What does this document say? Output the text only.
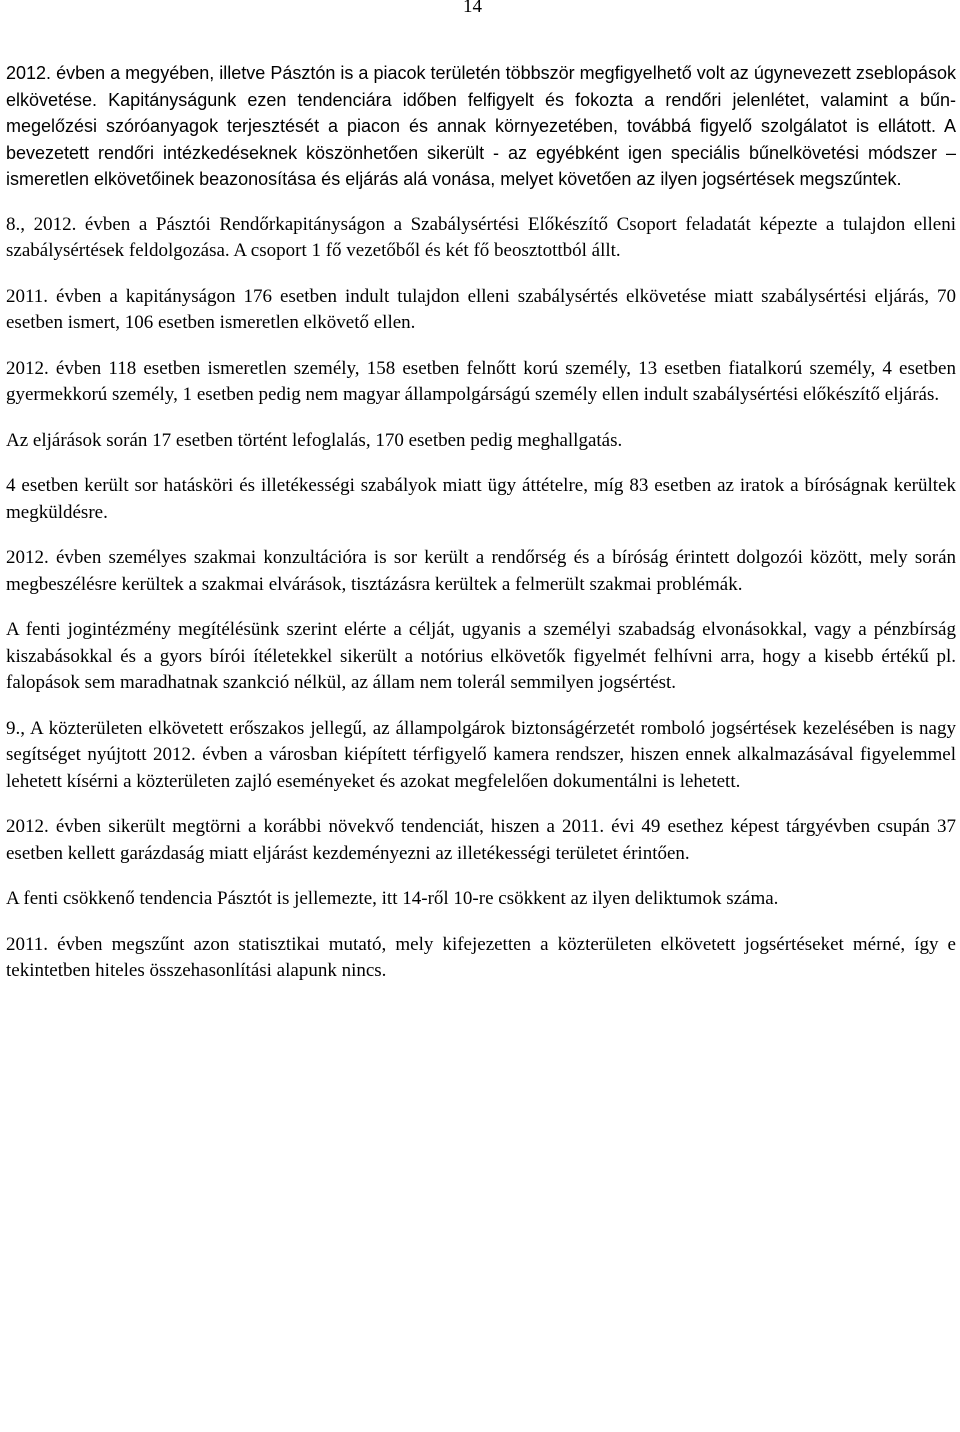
14

2012. évben a megyében, illetve Pásztón is a piacok területén többször megfigyelhető volt az úgynevezett zseblopások elkövetése. Kapitányságunk ezen tendenciára időben felfigyelt és fokozta a rendőri jelenlétet, valamint a bűn-megelőzési szóróanyagok terjesztését a piacon és annak környezetében, továbbá figyelő szolgálatot is ellátott. A bevezetett rendőri intézkedéseknek köszönhetően sikerült - az egyébként igen speciális bűnelkövetési módszer – ismeretlen elkövetőinek beazonosítása és eljárás alá vonása, melyet követően az ilyen jogsértések megszűntek.

8., 2012. évben a Pásztói Rendőrkapitányságon a Szabálysértési Előkészítő Csoport feladatát képezte a tulajdon elleni szabálysértések feldolgozása. A csoport 1 fő vezetőből és két fő beosztottból állt.

2011. évben a kapitányságon 176 esetben indult tulajdon elleni szabálysértés elkövetése miatt szabálysértési eljárás, 70 esetben ismert, 106 esetben ismeretlen elkövető ellen.

2012. évben 118 esetben ismeretlen személy, 158 esetben felnőtt korú személy, 13 esetben fiatalkorú személy, 4 esetben gyermekkorú személy, 1 esetben pedig nem magyar állampolgárságú személy ellen indult szabálysértési előkészítő eljárás.

Az eljárások során 17 esetben történt lefoglalás, 170 esetben pedig meghallgatás.

4 esetben került sor hatásköri és illetékességi szabályok miatt ügy áttételre, míg 83 esetben az iratok a bíróságnak kerültek megküldésre.

2012. évben személyes szakmai konzultációra is sor került a rendőrség és a bíróság érintett dolgozói között, mely során megbeszélésre kerültek a szakmai elvárások, tisztázásra kerültek a felmerült szakmai problémák.

A fenti jogintézmény megítélésünk szerint elérte a célját, ugyanis a személyi szabadság elvonásokkal, vagy a pénzbírság kiszabásokkal és a gyors bírói ítéletekkel sikerült a notórius elkövetők figyelmét felhívni arra, hogy a kisebb értékű pl. falopások sem maradhatnak szankció nélkül, az állam nem tolerál semmilyen jogsértést.

9., A közterületen elkövetett erőszakos jellegű, az állampolgárok biztonságérzetét romboló jogsértések kezelésében is nagy segítséget nyújtott 2012. évben a városban kiépített térfigyelő kamera rendszer, hiszen ennek alkalmazásával figyelemmel lehetett kísérni a közterületen zajló eseményeket és azokat megfelelően dokumentálni is lehetett.

2012. évben sikerült megtörni a korábbi növekvő tendenciát, hiszen a 2011. évi 49 esethez képest tárgyévben csupán 37 esetben kellett garázdaság miatt eljárást kezdeményezni az illetékességi területet érintően.

A fenti csökkenő tendencia Pásztót is jellemezte, itt 14-ről 10-re csökkent az ilyen deliktumok száma.

2011. évben megszűnt azon statisztikai mutató, mely kifejezetten a közterületen elkövetett jogsértéseket mérné, így e tekintetben hiteles összehasonlítási alapunk nincs.
